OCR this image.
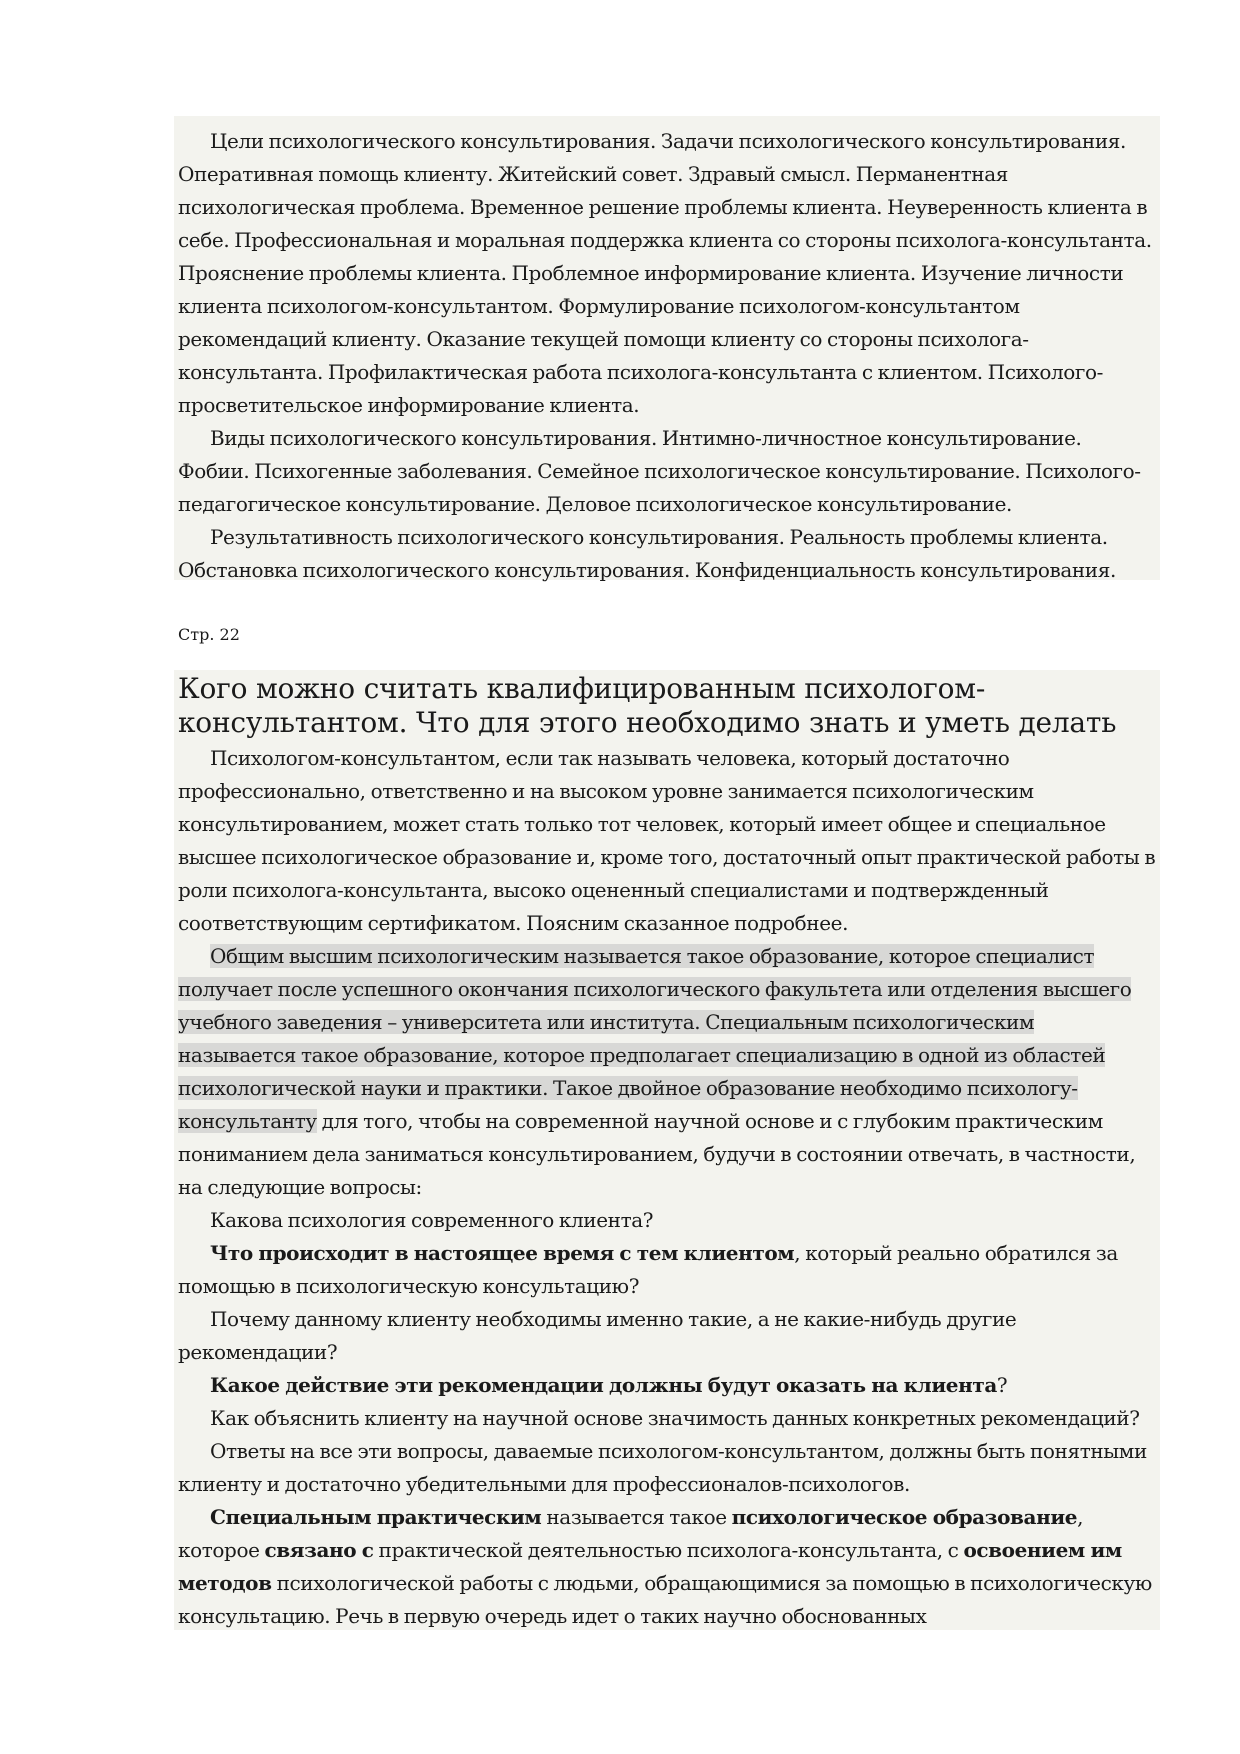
Цели психологического консультирования. Задачи психологического консультирования. Оперативная помощь клиенту. Житейский совет. Здравый смысл. Перманентная психологическая проблема. Временное решение проблемы клиента. Неуверенность клиента в себе. Профессиональная и моральная поддержка клиента со стороны психолога-консультанта. Прояснение проблемы клиента. Проблемное информирование клиента. Изучение личности клиента психологом-консультантом. Формулирование психологом-консультантом рекомендаций клиенту. Оказание текущей помощи клиенту со стороны психолога-консультанта. Профилактическая работа психолога-консультанта с клиентом. Психолого-просветительское информирование клиента.

Виды психологического консультирования. Интимно-личностное консультирование. Фобии. Психогенные заболевания. Семейное психологическое консультирование. Психолого-педагогическое консультирование. Деловое психологическое консультирование.

Результативность психологического консультирования. Реальность проблемы клиента. Обстановка психологического консультирования. Конфиденциальность консультирования.

Стр. 22

Кого можно считать квалифицированным психологом-консультантом. Что для этого необходимо знать и уметь делать

Психологом-консультантом, если так называть человека, который достаточно профессионально, ответственно и на высоком уровне занимается психологическим консультированием, может стать только тот человек, который имеет общее и специальное высшее психологическое образование и, кроме того, достаточный опыт практической работы в роли психолога-консультанта, высоко оцененный специалистами и подтвержденный соответствующим сертификатом. Поясним сказанное подробнее.

Общим высшим психологическим называется такое образование, которое специалист получает после успешного окончания психологического факультета или отделения высшего учебного заведения – университета или института. Специальным психологическим называется такое образование, которое предполагает специализацию в одной из областей психологической науки и практики. Такое двойное образование необходимо психологу-консультанту для того, чтобы на современной научной основе и с глубоким практическим пониманием дела заниматься консультированием, будучи в состоянии отвечать, в частности, на следующие вопросы:

Какова психология современного клиента?

Что происходит в настоящее время с тем клиентом, который реально обратился за помощью в психологическую консультацию?

Почему данному клиенту необходимы именно такие, а не какие-нибудь другие рекомендации?

Какое действие эти рекомендации должны будут оказать на клиента?

Как объяснить клиенту на научной основе значимость данных конкретных рекомендаций?

Ответы на все эти вопросы, даваемые психологом-консультантом, должны быть понятными клиенту и достаточно убедительными для профессионалов-психологов.

Специальным практическим называется такое психологическое образование, которое связано с практической деятельностью психолога-консультанта, с освоением им методов психологической работы с людьми, обращающимися за помощью в психологическую консультацию. Речь в первую очередь идет о таких научно обоснованных
